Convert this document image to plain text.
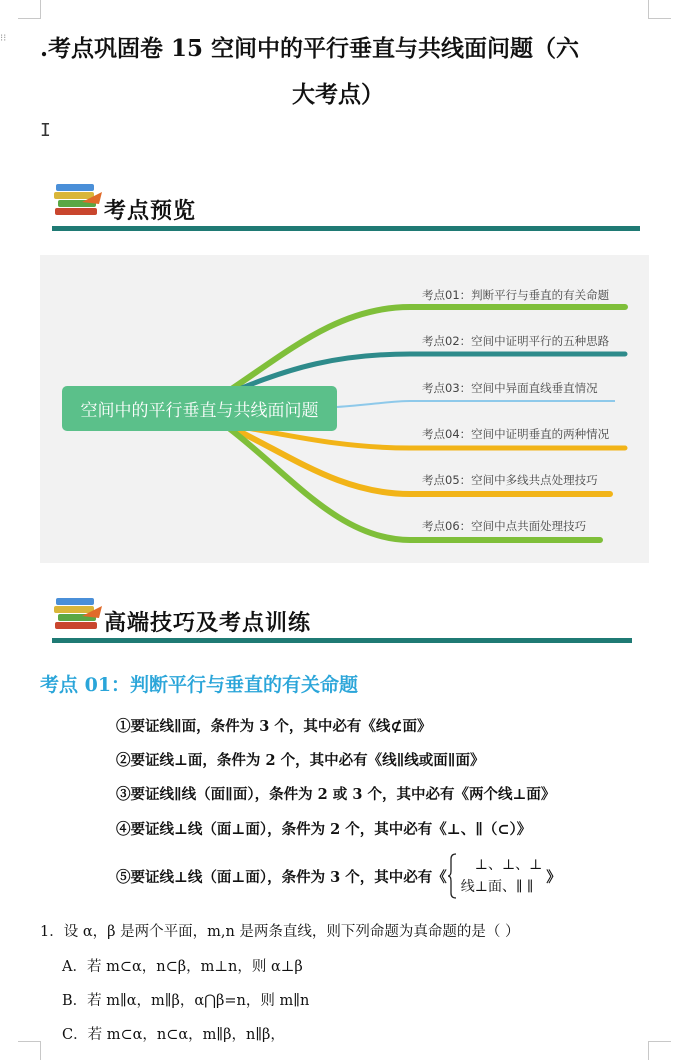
⁝⁝ .考点巩固卷 15 空间中的平行垂直与共线面问题（六
大考点）
I
考点预览
空间中的平行垂直与共线面问题
考点01：判断平行与垂直的有关命题
考点02：空间中证明平行的五种思路
考点03：空间中异面直线垂直情况
考点04：空间中证明垂直的两种情况
考点05：空间中多线共点处理技巧
考点06：空间中点共面处理技巧
高端技巧及考点训练
考点 01：判断平行与垂直的有关命题
①要证线∥面，条件为 3 个，其中必有《线⊄面》
②要证线⊥面，条件为 2 个，其中必有《线∥线或面∥面》
③要证线∥线（面∥面），条件为 2 或 3 个，其中必有《两个线⊥面》
④要证线⊥线（面⊥面），条件为 2 个，其中必有《⊥、∥（⊂）》
⑤要证线⊥线（面⊥面），条件为 3 个，其中必有《
⊥、⊥、⊥
线⊥面、∥ ∥
》
1．设 α，β 是两个平面，m,n 是两条直线，则下列命题为真命题的是（ ）
A．若 m⊂α，n⊂β，m⊥n，则 α⊥β
B．若 m∥α，m∥β，α⋂β=n，则 m∥n
C．若 m⊂α，n⊂α，m∥β，n∥β，
